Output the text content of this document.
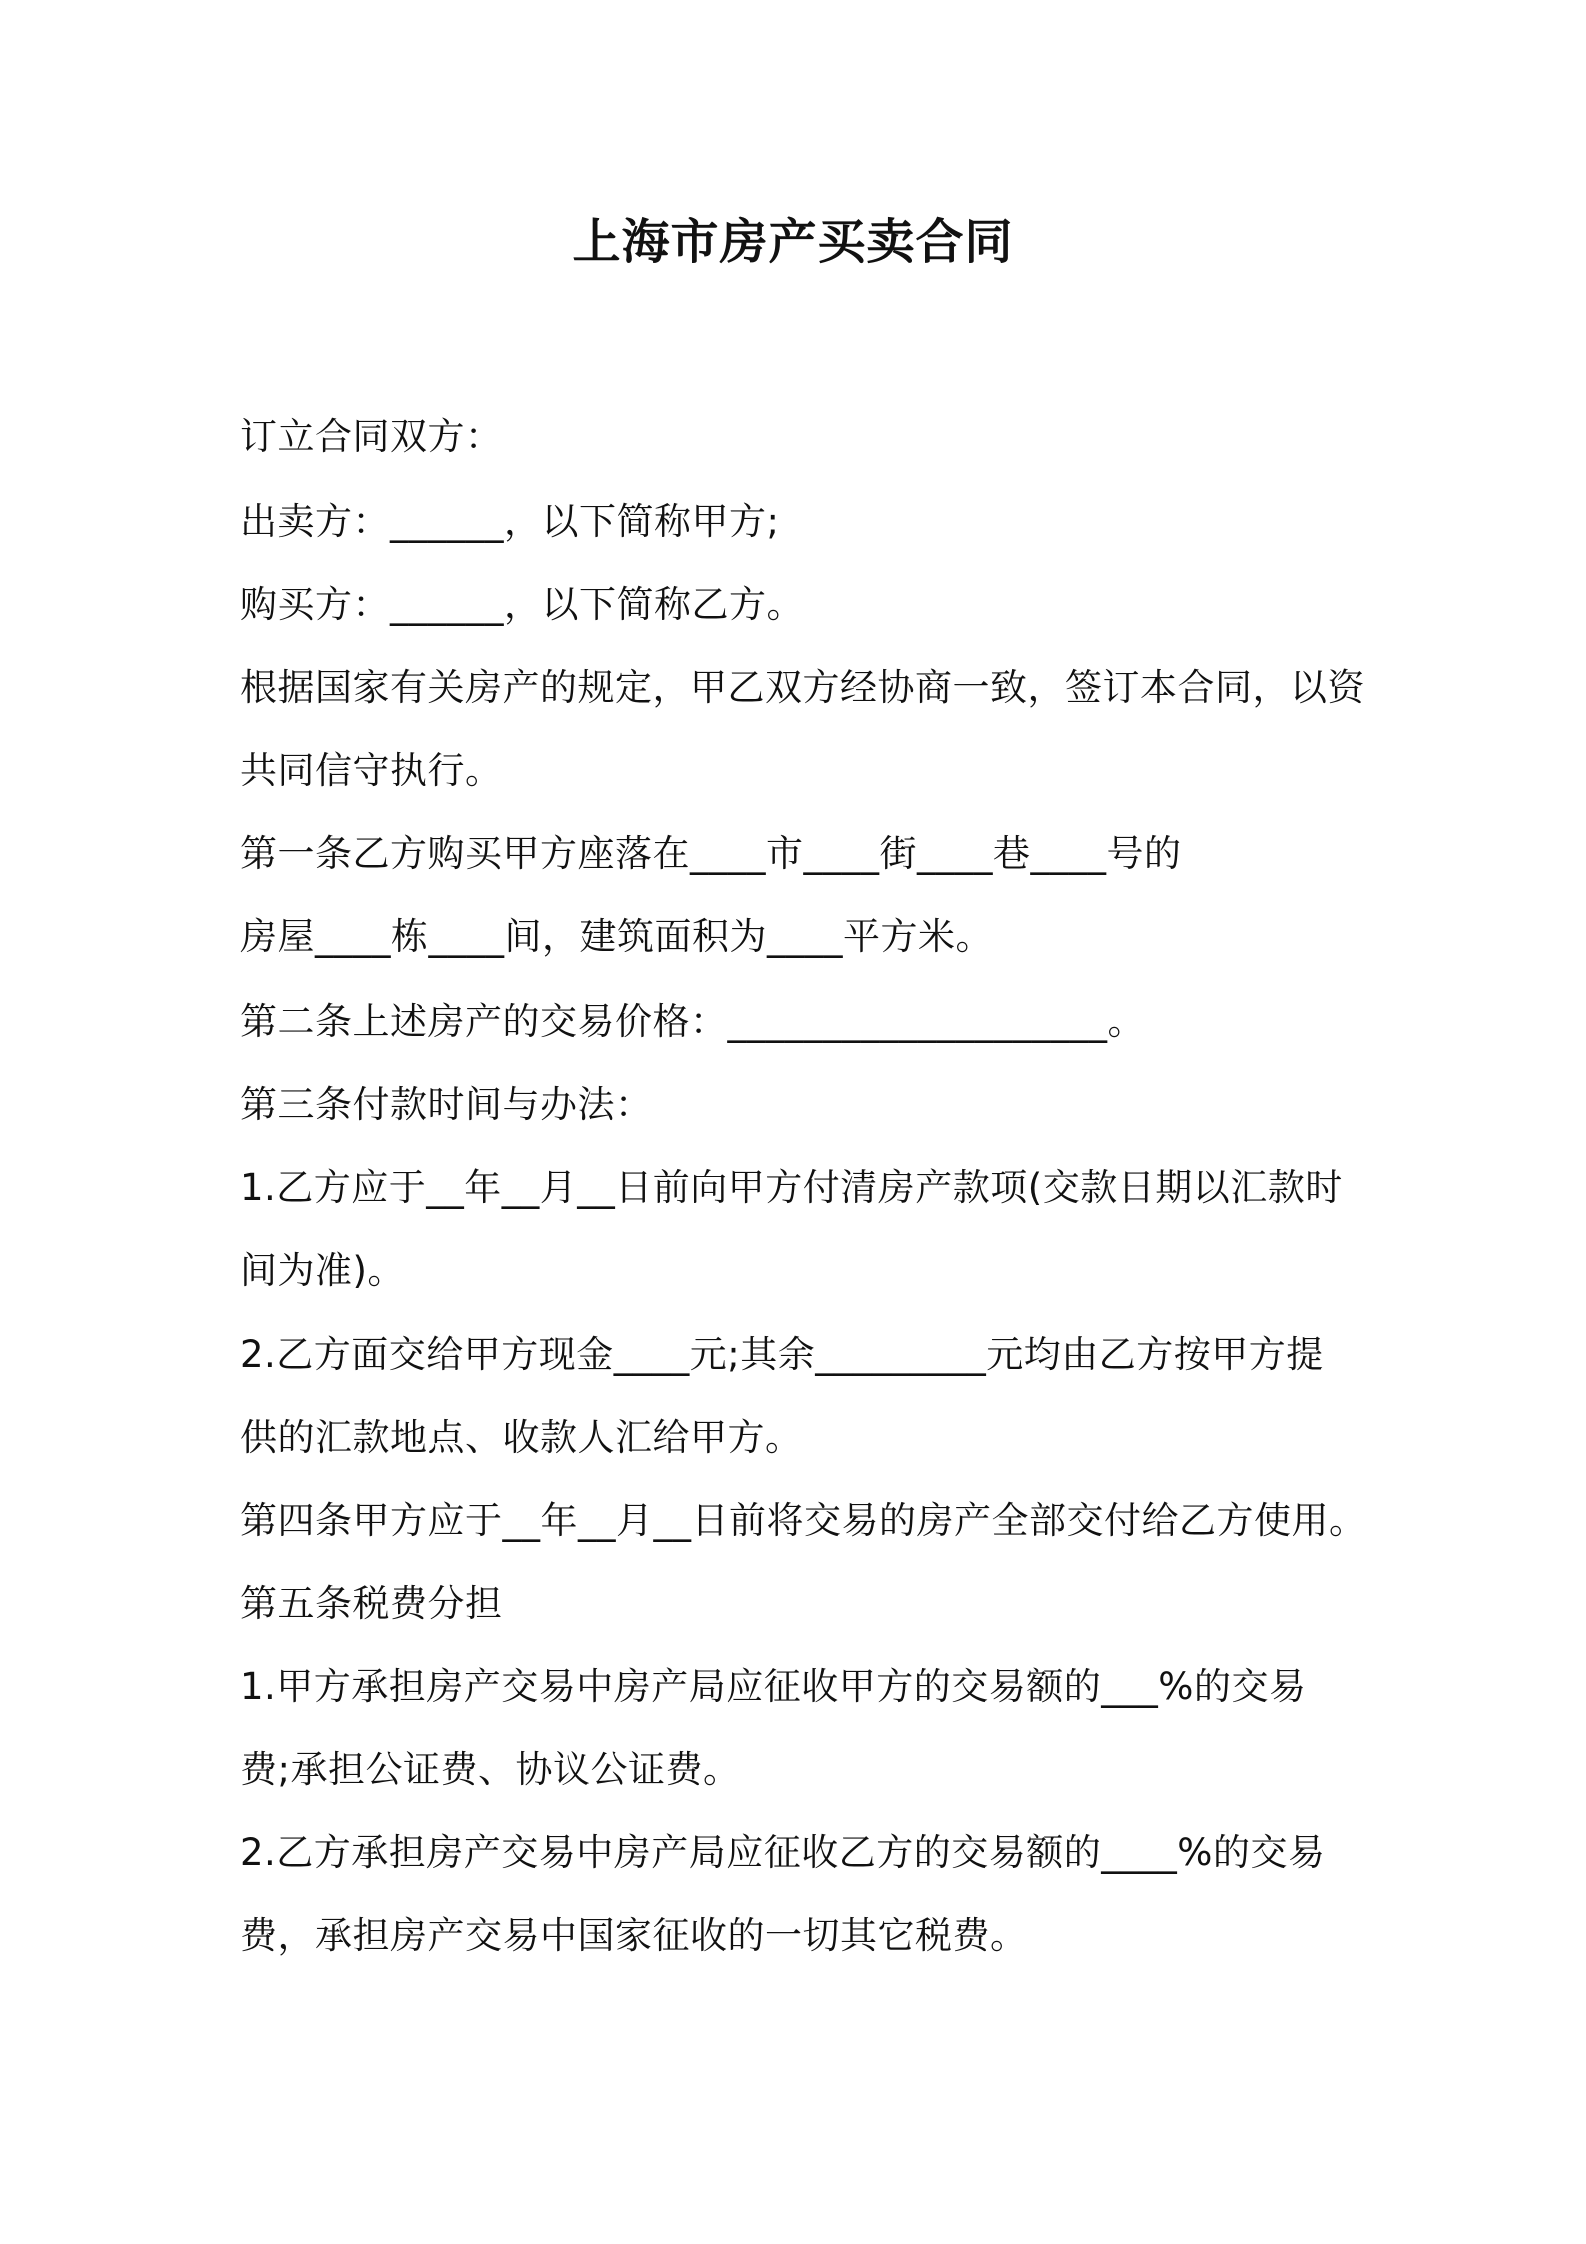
上海市房产买卖合同
订立合同双方：
出卖方：______，以下简称甲方;
购买方：______，以下简称乙方。
根据国家有关房产的规定，甲乙双方经协商一致，签订本合同，以资
共同信守执行。
第一条乙方购买甲方座落在____市____街____巷____号的
房屋____栋____间，建筑面积为____平方米。
第二条上述房产的交易价格：____________________。
第三条付款时间与办法：
1.乙方应于__年__月__日前向甲方付清房产款项(交款日期以汇款时
间为准)。
2.乙方面交给甲方现金____元;其余_________元均由乙方按甲方提
供的汇款地点、收款人汇给甲方。
第四条甲方应于__年__月__日前将交易的房产全部交付给乙方使用。
第五条税费分担
1.甲方承担房产交易中房产局应征收甲方的交易额的___%的交易
费;承担公证费、协议公证费。
2.乙方承担房产交易中房产局应征收乙方的交易额的____%的交易
费，承担房产交易中国家征收的一切其它税费。
